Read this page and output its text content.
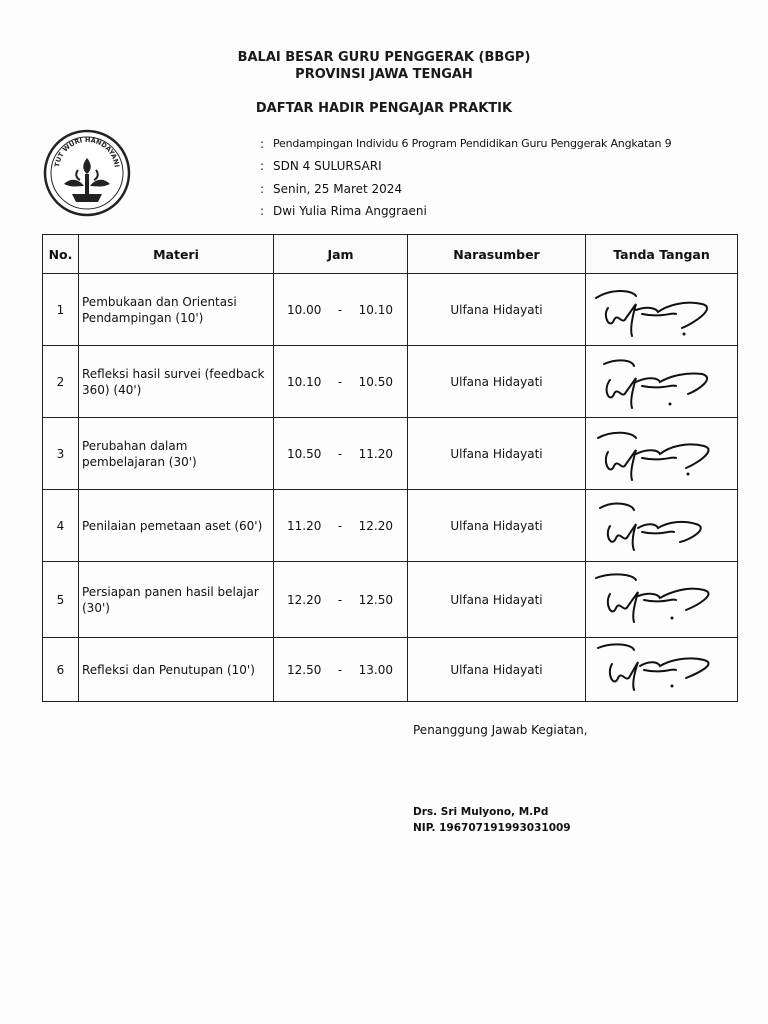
BALAI BESAR GURU PENGGERAK (BBGP)
PROVINSI JAWA TENGAH
DAFTAR HADIR PENGAJAR PRAKTIK
TUT WURI HANDAYANI
: Pendampingan Individu 6 Program Pendidikan Guru Penggerak Angkatan 9
: SDN 4 SULURSARI
: Senin, 25 Maret 2024
: Dwi Yulia Rima Anggraeni
No.	Materi	Jam	Narasumber	Tanda Tangan
1	Pembukaan dan Orientasi Pendampingan (10')	10.00 - 10.10	Ulfana Hidayati	

2	Refleksi hasil survei (feedback 360) (40')	10.10 - 10.50	Ulfana Hidayati	

3	Perubahan dalam pembelajaran (30')	10.50 - 11.20	Ulfana Hidayati	

4	Penilaian pemetaan aset (60')	11.20 - 12.20	Ulfana Hidayati	

5	Persiapan panen hasil belajar (30')	12.20 - 12.50	Ulfana Hidayati	

6	Refleksi dan Penutupan (10')	12.50 - 13.00	Ulfana Hidayati	
Penanggung Jawab Kegiatan,
Drs. Sri Mulyono, M.Pd
NIP. 196707191993031009
